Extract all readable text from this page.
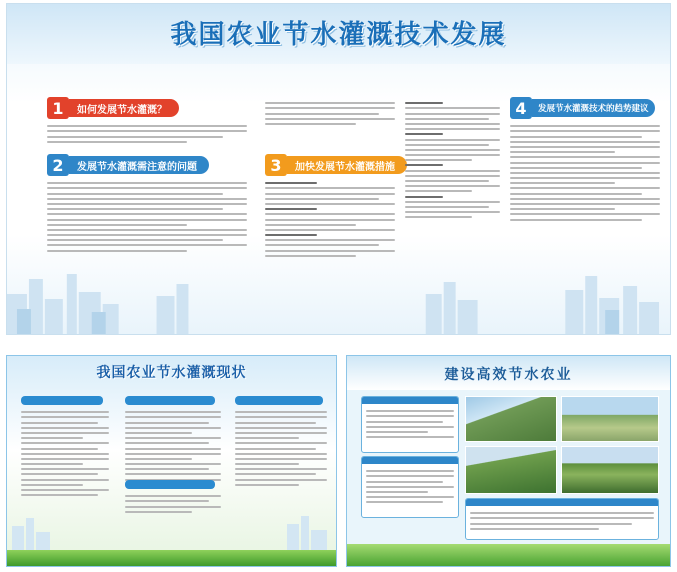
我国农业节水灌溉技术发展
1	如何发展节水灌溉？
2	发展节水灌溉需注意的问题	3	加快发展节水灌溉措施
4	发展节水灌溉技术的趋势建议
我国农业节水灌溉现状	建设高效节水农业
